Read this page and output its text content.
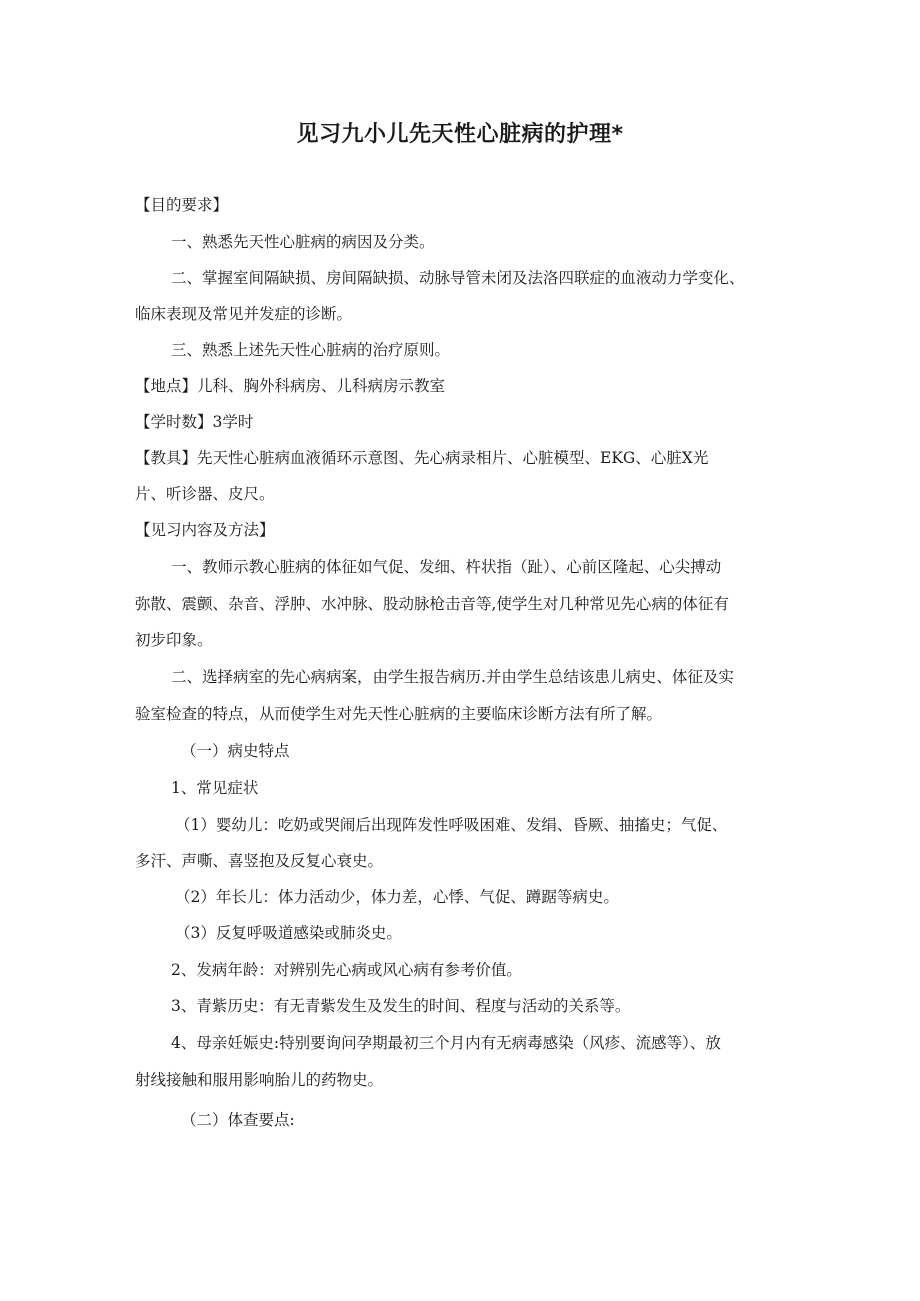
见习九小儿先天性心脏病的护理*
【目的要求】
一、熟悉先天性心脏病的病因及分类。
二、掌握室间隔缺损、房间隔缺损、动脉导管未闭及法洛四联症的血液动力学变化、
临床表现及常见并发症的诊断。
三、熟悉上述先天性心脏病的治疗原则。
【地点】儿科、胸外科病房、儿科病房示教室
【学时数】3学时
【教具】先天性心脏病血液循环示意图、先心病录相片、心脏模型、EKG、心脏X光
片、听诊器、皮尺。
【见习内容及方法】
一、教师示教心脏病的体征如气促、发细、杵状指（趾）、心前区隆起、心尖搏动
弥散、震颤、杂音、浮肿、水冲脉、股动脉枪击音等,使学生对几种常见先心病的体征有
初步印象。
二、选择病室的先心病病案，由学生报告病历.并由学生总结该患儿病史、体征及实
验室检查的特点，从而使学生对先天性心脏病的主要临床诊断方法有所了解。
（一）病史特点
1、常见症状
（1）婴幼儿：吃奶或哭闹后出现阵发性呼吸困难、发绢、昏厥、抽搐史；气促、
多汗、声嘶、喜竖抱及反复心衰史。
（2）年长儿：体力活动少，体力差，心悸、气促、蹲踞等病史。
（3）反复呼吸道感染或肺炎史。
2、发病年龄：对辨别先心病或风心病有参考价值。
3、青紫历史：有无青紫发生及发生的时间、程度与活动的关系等。
4、母亲妊娠史:特别要询问孕期最初三个月内有无病毒感染（风疹、流感等）、放
射线接触和服用影响胎儿的药物史。
（二）体查要点:
